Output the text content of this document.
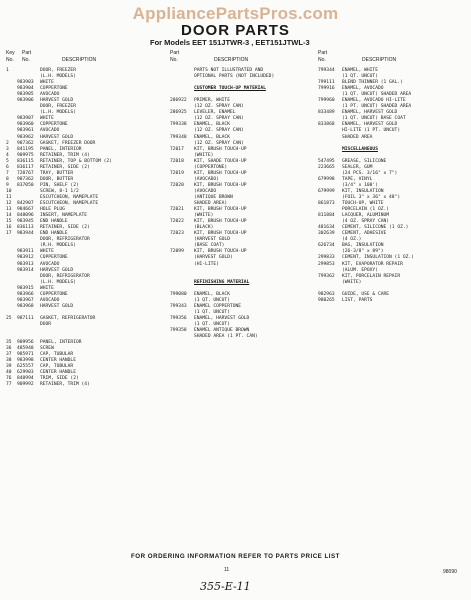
AppliancePartsPros.com
DOOR PARTS
For Models EET 151JTWR-3 , EET151JTWL-3
Key Part
No. No.	DESCRIPTION
1	DOOR, FREEZER
(L.H. MODELS)
983903 WHITE
983904 COPPERTONE
983905 AVOCADO
983906 HARVEST GOLD
DOOR, FREEZER
(L.H. MODELS)
983907 WHITE
983960 COPPERTONE
983961 AVOCADO
983962 HARVEST GOLD
2 987362 GASKET, FREEZER DOOR
3 841195 PANEL, INTERIOR
4 909975 RETAINER, TRIM (4)
5 836115 RETAINER, TOP & BOTTOM (2)
6 836117 RETAINER, SIDE (2)
7 720767 TRAY, BUTTER
8 987362 DOOR, BUTTER
9 837050 PIN, SHELF (2)
10	SCREW, 8-1 1/2
11	ESCUTCHEON, NAMEPLATE
12 842907 ESCUTCHEON, NAMEPLATE
13 984667 HOLE PLUG
14 848096 INSERT, NAMEPLATE
15 983945 END HANDLE
16 836113 RETAINER, SIDE (2)
17 983944 END HANDLE
DOOR, REFRIGERATOR
(R.H. MODELS)
983911 WHITE
983912 COPPERTONE
983913 AVOCADO
983914 HARVEST GOLD
DOOR, REFRIGERATOR
(L.H. MODELS)
983915 WHITE
983966 COPPERTONE
983967 AVOCADO
983968 HARVEST GOLD
25 987111 GASKET, REFRIGERATOR
DOOR
35 909956 PANEL, INTERIOR
36 485948 SCREW
37 985971 CAP, TUBULAR
38 983998 CENTER HANDLE
39 625557 CAP, TUBULAR
40 629903 CENTER HANDLE
76 840994 TRIM, SIDE (2)
77 909992 RETAINER, TRIM (4)
Part
No.	DESCRIPTION
PARTS NOT ILLUSTRATED AND
OPTIONAL PARTS (NOT INCLUDED)
CUSTOMER TOUCH-UP MATERIAL
286922 PRIMER, WHITE
(12 OZ. SPRAY CAN)
286925 LEVELER, ENAMEL
(12 OZ. SPRAY CAN)
799338 ENAMEL, BLACK
(12 OZ. SPRAY CAN)
799348 ENAMEL, BLACK
(12 OZ. SPRAY CAN)
72017 KIT, BRUSH TOUCH-UP
(WHITE)
72018 KIT, SHADE TOUCH-UP
(COPPERTONE)
72019 KIT, BRUSH TOUCH-UP
(AVOCADO)
72020 KIT, BRUSH TOUCH-UP
(AVOCADO
(ANTIQUE BROWN
SHADED AREA)
72021 KIT, BRUSH TOUCH-UP
(WHITE)
72022 KIT, BRUSH TOUCH-UP
(BLACK)
72023 KIT, BRUSH TOUCH-UP
(HARVEST GOLD
(BASE COAT)
72099 KIT, BRUSH TOUCH-UP
(HARVEST GOLD)
(HI-LITE)
REFINISHING MATERIAL
799080 ENAMEL, BLACK
(1 QT. UNCUT)
799343 ENAMEL COPPERTONE
(1 QT. UNCUT)
799356 ENAMEL, HARVEST GOLD
(1 QT. UNCUT)
799358 ENAMEL ANTIQUE BROWN
SHADED AREA (1 PT. CAN)
Part
No.	DESCRIPTION
799344 ENAMEL, WHITE
(1 QT. UNCUT)
799111 BLEND THINNER (1 GAL.)
799916 ENAMEL, AVOCADO
(1 QT. UNCUT) SHADED AREA
799960 ENAMEL, AVOCADO HI-LITE
(1 PT. UNCUT) SHADED AREA
833489 ENAMEL, HARVEST GOLD
(1 QT. UNCUT) BASE COAT
833868 ENAMEL, HARVEST GOLD
HI-LITE (1 PT. UNCUT)
SHADED AREA
MISCELLANEOUS
547495 GREASE, SILICONE
223665 SEALER, GUM
(24 PCS. 3/16" x 7")
679998 TAPE, VINYL
(3/4" x 108')
679999 KIT, INSULATION
(FOIL 3" x 36" x 48")
861873 TOUCH-UP, WHITE
PORCELAIN (1 OZ.)
811884 LACQUER, ALUMINUM
(4 OZ. SPRAY CAN)
481634 CEMENT, SILICONE (1 OZ.)
302639 CEMENT, ADHESIVE
(4 OZ.)
626734 BAG, INSULATION
(26-3/8" x 89")
299833 CEMENT, INSULATION (1 OZ.)
299853 KIT, EVAPORATOR REPAIR
(ALUM. EPOXY)
799362 KIT, PORCELAIN REPAIR
(WHITE)
982963 GUIDE, USE & CARE
980265 LIST, PARTS
FOR ORDERING INFORMATION REFER TO PARTS PRICE LIST
11
355-E-11
98090
